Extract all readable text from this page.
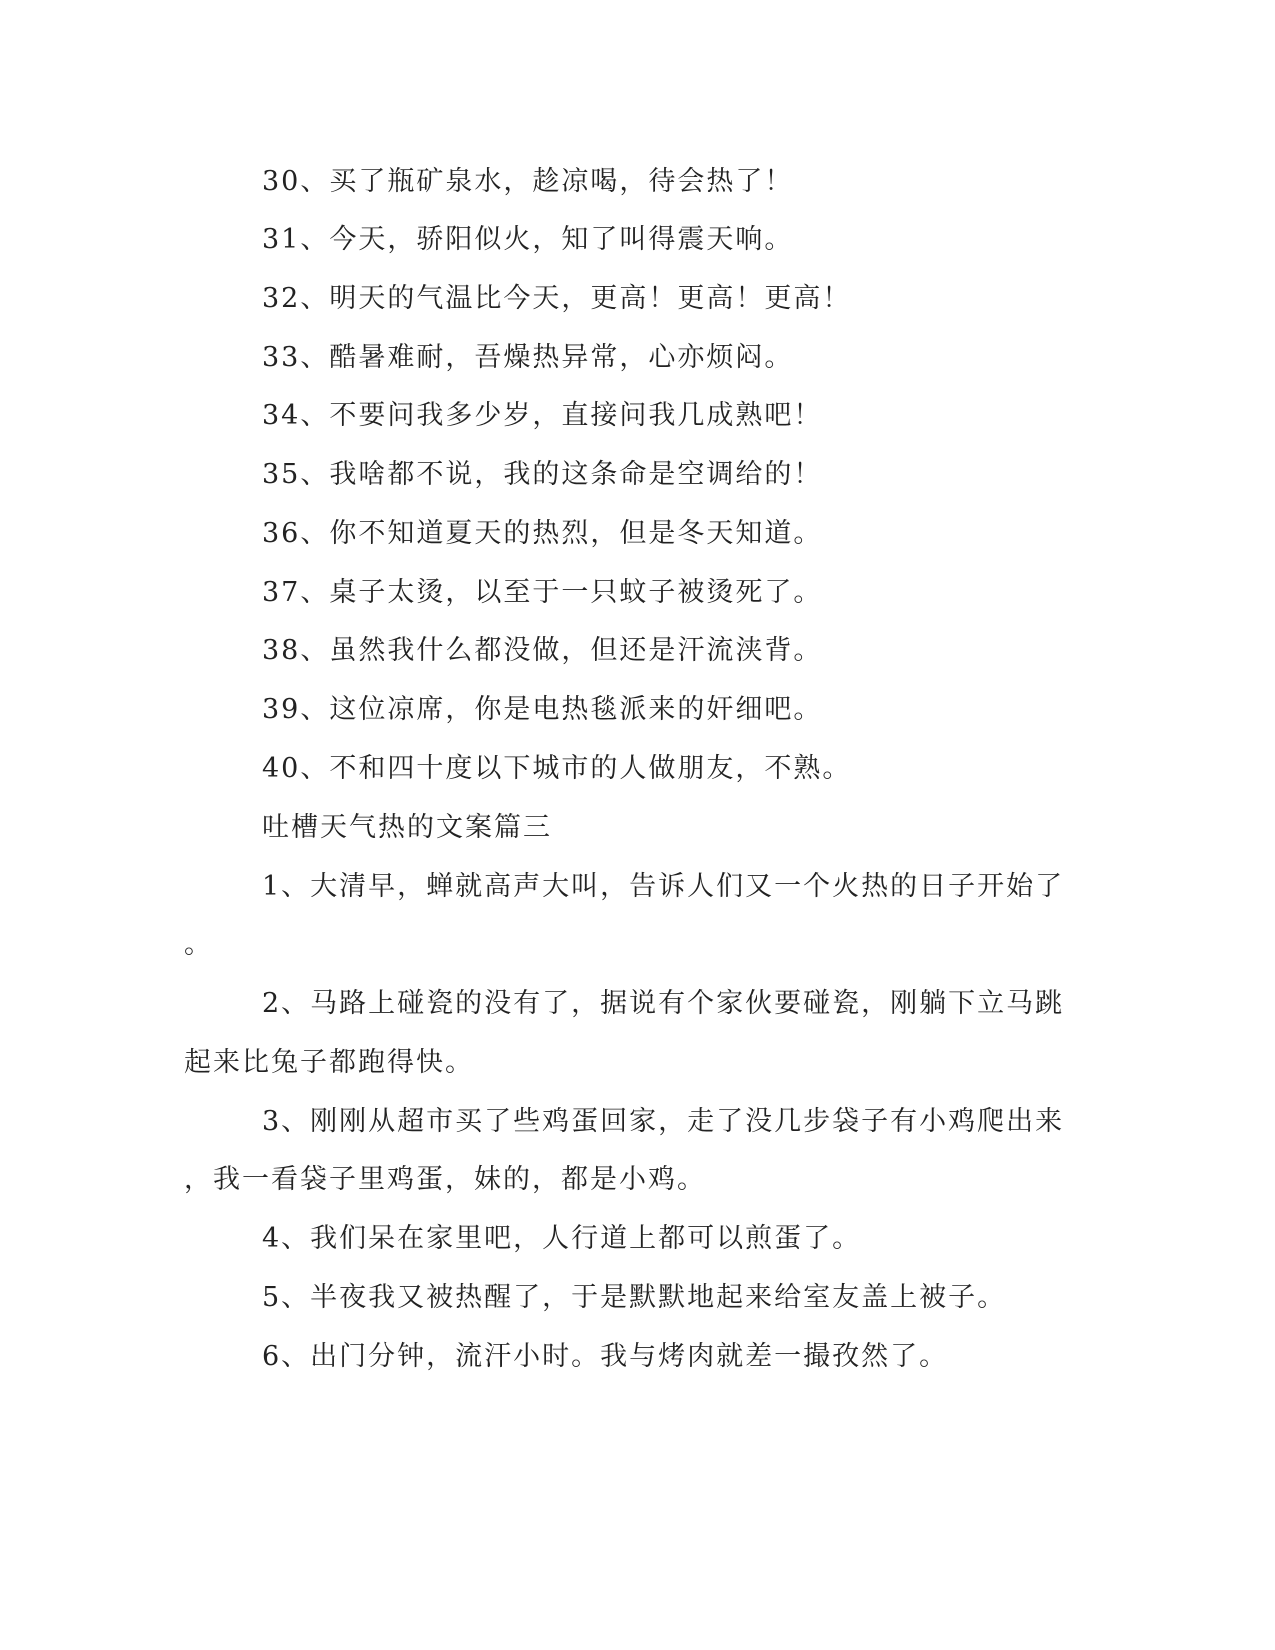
30、买了瓶矿泉水，趁凉喝，待会热了！
31、今天，骄阳似火，知了叫得震天响。
32、明天的气温比今天，更高！更高！更高！
33、酷暑难耐，吾燥热异常，心亦烦闷。
34、不要问我多少岁，直接问我几成熟吧！
35、我啥都不说，我的这条命是空调给的！
36、你不知道夏天的热烈，但是冬天知道。
37、桌子太烫，以至于一只蚊子被烫死了。
38、虽然我什么都没做，但还是汗流浃背。
39、这位凉席，你是电热毯派来的奸细吧。
40、不和四十度以下城市的人做朋友，不熟。
吐槽天气热的文案篇三
1、大清早，蝉就高声大叫，告诉人们又一个火热的日子开始了
。
2、马路上碰瓷的没有了，据说有个家伙要碰瓷，刚躺下立马跳
起来比兔子都跑得快。
3、刚刚从超市买了些鸡蛋回家，走了没几步袋子有小鸡爬出来
，我一看袋子里鸡蛋，妹的，都是小鸡。
4、我们呆在家里吧，人行道上都可以煎蛋了。
5、半夜我又被热醒了，于是默默地起来给室友盖上被子。
6、出门分钟，流汗小时。我与烤肉就差一撮孜然了。
